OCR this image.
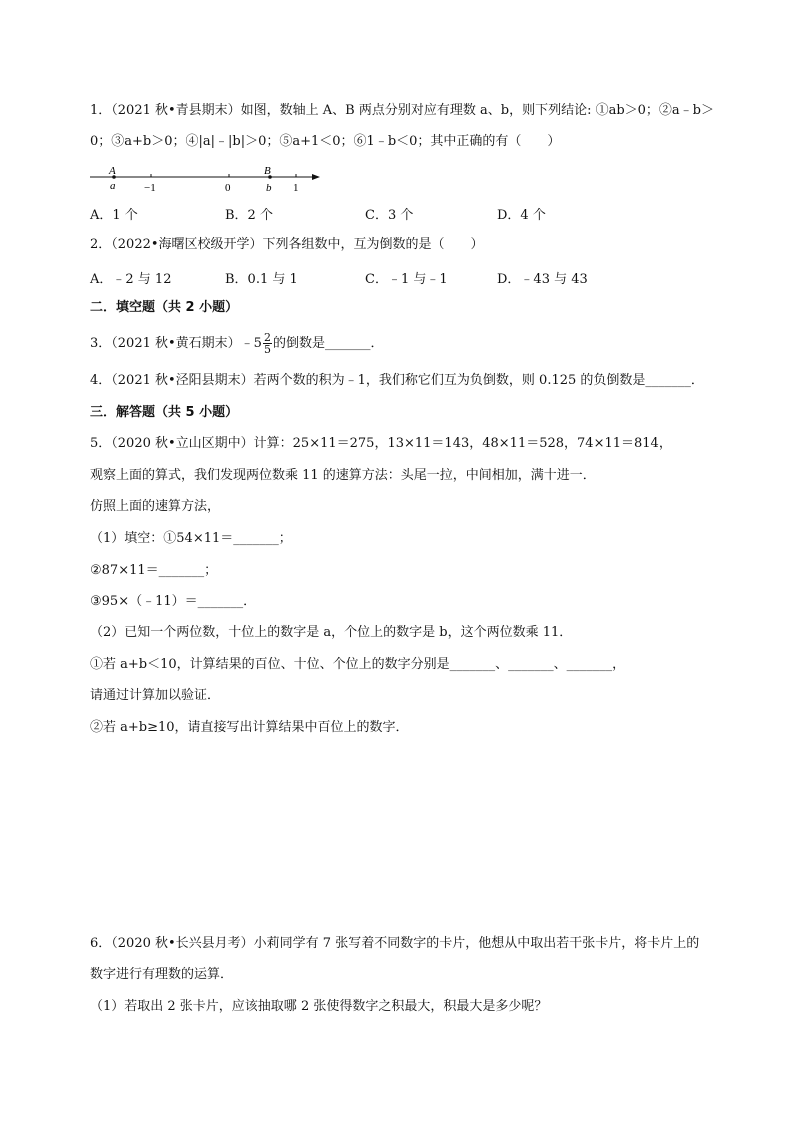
1．（2021 秋•青县期末）如图，数轴上 A、B 两点分别对应有理数 a、b，则下列结论: ①ab＞0；②a﹣b＞
0；③a+b＞0；④|a|﹣|b|＞0；⑤a+1＜0；⑥1﹣b＜0；其中正确的有（　　）
A
a	−1	0
B
b 1
A．1 个	B．2 个	C．3 个	D．4 个
2．（2022•海曙区校级开学）下列各组数中，互为倒数的是（　　）
A．﹣2 与 12	B．0.1 与 1	C．﹣1 与﹣1	D．﹣43 与 43
二．填空题（共 2 小题）
3．（2021 秋•黄石期末）﹣5 $\frac{2}{5}$ 的倒数是_______．
4．（2021 秋•泾阳县期末）若两个数的积为﹣1，我们称它们互为负倒数，则 0.125 的负倒数是_______．
三．解答题（共 5 小题）
5．（2020 秋•立山区期中）计算：25×11＝275，13×11＝143，48×11＝528，74×11＝814，
观察上面的算式，我们发现两位数乘 11 的速算方法：头尾一拉，中间相加，满十进一．
仿照上面的速算方法，
（1）填空：①54×11＝_______；
②87×11＝_______；
③95×（﹣11）＝_______．
（2）已知一个两位数，十位上的数字是 a，个位上的数字是 b，这个两位数乘 11．
①若 a+b＜10，计算结果的百位、十位、个位上的数字分别是_______、_______、_______，
请通过计算加以验证．
②若 a+b≥10，请直接写出计算结果中百位上的数字．
6．（2020 秋•长兴县月考）小莉同学有 7 张写着不同数字的卡片，他想从中取出若干张卡片，将卡片上的
数字进行有理数的运算．
（1）若取出 2 张卡片，应该抽取哪 2 张使得数字之积最大，积最大是多少呢？
